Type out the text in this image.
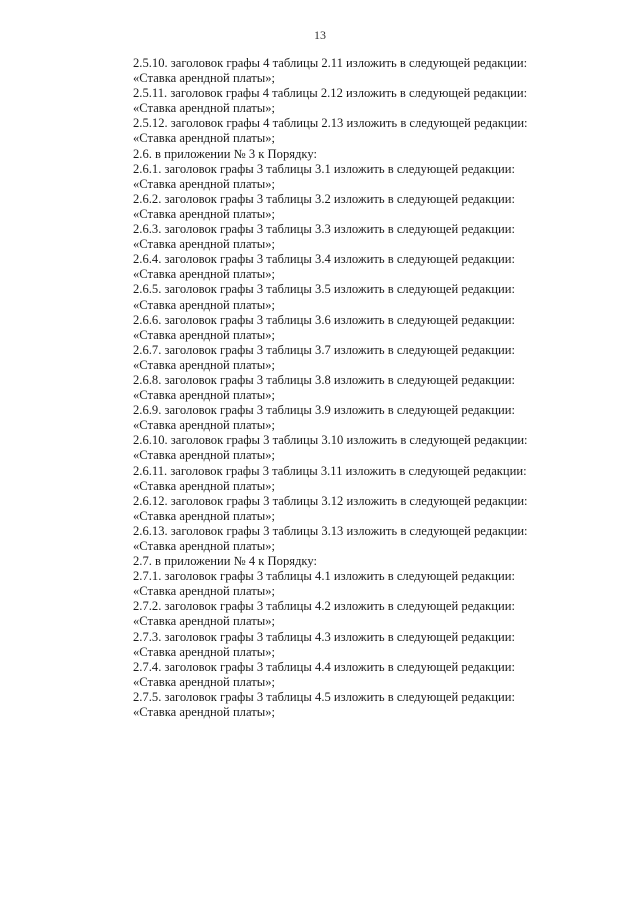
13
2.5.10. заголовок графы 4 таблицы 2.11 изложить в следующей редакции:
«Ставка арендной платы»;
2.5.11. заголовок графы 4 таблицы 2.12 изложить в следующей редакции:
«Ставка арендной платы»;
2.5.12. заголовок графы 4 таблицы 2.13 изложить в следующей редакции:
«Ставка арендной платы»;
2.6. в приложении № 3 к Порядку:
2.6.1. заголовок графы 3 таблицы 3.1 изложить в следующей редакции:
«Ставка арендной платы»;
2.6.2. заголовок графы 3 таблицы 3.2 изложить в следующей редакции:
«Ставка арендной платы»;
2.6.3. заголовок графы 3 таблицы 3.3 изложить в следующей редакции:
«Ставка арендной платы»;
2.6.4. заголовок графы 3 таблицы 3.4 изложить в следующей редакции:
«Ставка арендной платы»;
2.6.5. заголовок графы 3 таблицы 3.5 изложить в следующей редакции:
«Ставка арендной платы»;
2.6.6. заголовок графы 3 таблицы 3.6 изложить в следующей редакции:
«Ставка арендной платы»;
2.6.7. заголовок графы 3 таблицы 3.7 изложить в следующей редакции:
«Ставка арендной платы»;
2.6.8. заголовок графы 3 таблицы 3.8 изложить в следующей редакции:
«Ставка арендной платы»;
2.6.9. заголовок графы 3 таблицы 3.9 изложить в следующей редакции:
«Ставка арендной платы»;
2.6.10. заголовок графы 3 таблицы 3.10 изложить в следующей редакции:
«Ставка арендной платы»;
2.6.11. заголовок графы 3 таблицы 3.11 изложить в следующей редакции:
«Ставка арендной платы»;
2.6.12. заголовок графы 3 таблицы 3.12 изложить в следующей редакции:
«Ставка арендной платы»;
2.6.13. заголовок графы 3 таблицы 3.13 изложить в следующей редакции:
«Ставка арендной платы»;
2.7. в приложении № 4 к Порядку:
2.7.1. заголовок графы 3 таблицы 4.1 изложить в следующей редакции:
«Ставка арендной платы»;
2.7.2. заголовок графы 3 таблицы 4.2 изложить в следующей редакции:
«Ставка арендной платы»;
2.7.3. заголовок графы 3 таблицы 4.3 изложить в следующей редакции:
«Ставка арендной платы»;
2.7.4. заголовок графы 3 таблицы 4.4 изложить в следующей редакции:
«Ставка арендной платы»;
2.7.5. заголовок графы 3 таблицы 4.5 изложить в следующей редакции:
«Ставка арендной платы»;
